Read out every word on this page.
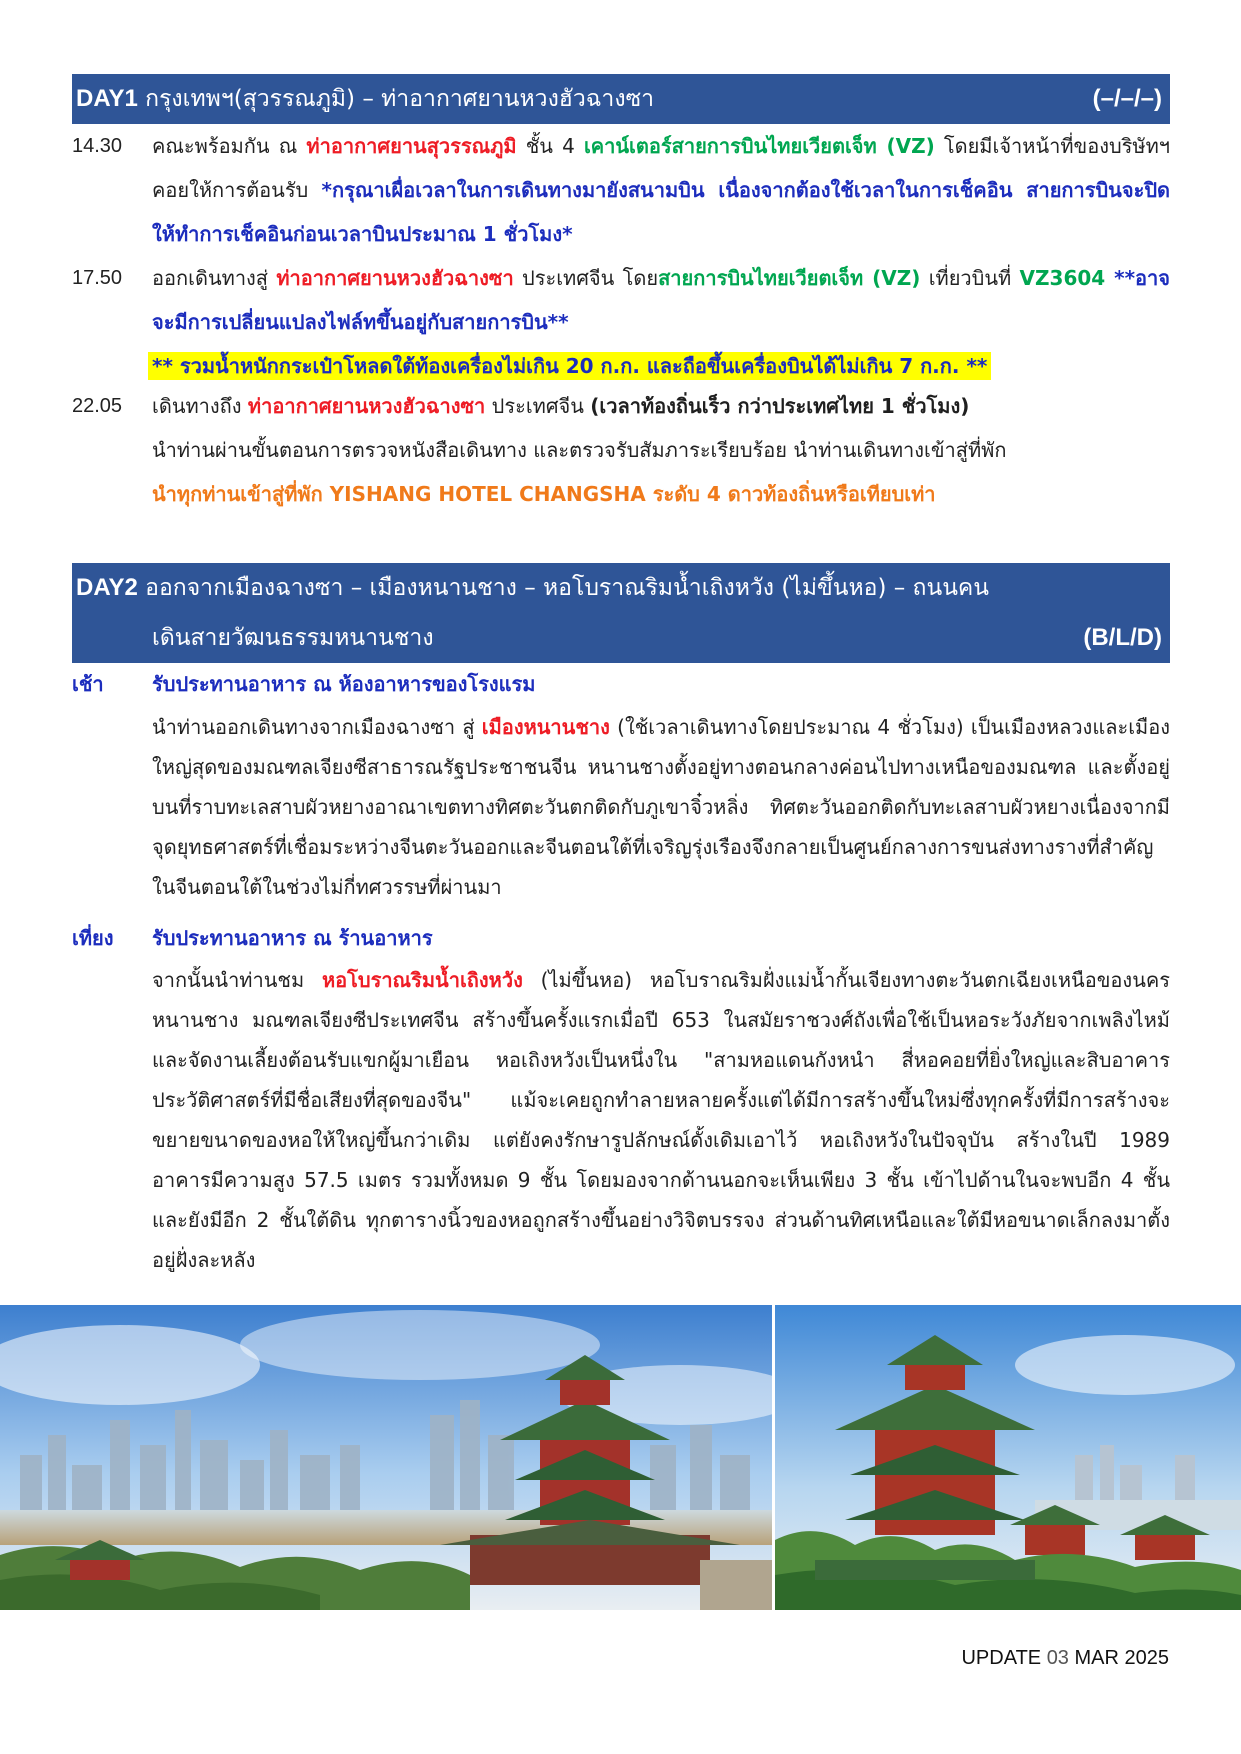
DAY1 กรุงเทพฯ(สุวรรณภูมิ) – ท่าอากาศยานหวงฮัวฉางซา	(–/–/–)
14.30 คณะพร้อมกัน ณ ท่าอากาศยานสุวรรณภูมิ ชั้น 4 เคาน์เตอร์สายการบินไทยเวียตเจ็ท (VZ) โดยมีเจ้าหน้าที่ของบริษัทฯคอยให้การต้อนรับ *กรุณาเผื่อเวลาในการเดินทางมายังสนามบิน เนื่องจากต้องใช้เวลาในการเช็คอิน สายการบินจะปิดให้ทำการเช็คอินก่อนเวลาบินประมาณ 1 ชั่วโมง*
17.50 ออกเดินทางสู่ ท่าอากาศยานหวงฮัวฉางซา ประเทศจีน โดยสายการบินไทยเวียตเจ็ท (VZ) เที่ยวบินที่ VZ3604 **อาจจะมีการเปลี่ยนแปลงไฟล์ทขึ้นอยู่กับสายการบิน**
** รวมน้ำหนักกระเป๋าโหลดใต้ท้องเครื่องไม่เกิน 20 ก.ก. และถือขึ้นเครื่องบินได้ไม่เกิน 7 ก.ก. **
22.05 เดินทางถึง ท่าอากาศยานหวงฮัวฉางซา ประเทศจีน (เวลาท้องถิ่นเร็ว กว่าประเทศไทย 1 ชั่วโมง)
นำท่านผ่านขั้นตอนการตรวจหนังสือเดินทาง และตรวจรับสัมภาระเรียบร้อย นำท่านเดินทางเข้าสู่ที่พัก
นำทุกท่านเข้าสู่ที่พัก YISHANG HOTEL CHANGSHA ระดับ 4 ดาวท้องถิ่นหรือเทียบเท่า
DAY2 ออกจากเมืองฉางซา – เมืองหนานชาง – หอโบราณริมน้ำเถิงหวัง (ไม่ขึ้นหอ) – ถนนคน
เดินสายวัฒนธรรมหนานชาง	(B/L/D)
เช้า รับประทานอาหาร ณ ห้องอาหารของโรงแรม
นำท่านออกเดินทางจากเมืองฉางซา สู่ เมืองหนานชาง (ใช้เวลาเดินทางโดยประมาณ 4 ชั่วโมง) เป็นเมืองหลวงและเมืองใหญ่สุดของมณฑลเจียงซีสาธารณรัฐประชาชนจีน หนานชางตั้งอยู่ทางตอนกลางค่อนไปทางเหนือของมณฑล และตั้งอยู่บนที่ราบทะเลสาบผัวหยางอาณาเขตทางทิศตะวันตกติดกับภูเขาจิ๋วหลิ่ง ทิศตะวันออกติดกับทะเลสาบผัวหยางเนื่องจากมีจุดยุทธศาสตร์ที่เชื่อมระหว่างจีนตะวันออกและจีนตอนใต้ที่เจริญรุ่งเรืองจึงกลายเป็นศูนย์กลางการขนส่งทางรางที่สำคัญในจีนตอนใต้ในช่วงไม่กี่ทศวรรษที่ผ่านมา
เที่ยง รับประทานอาหาร ณ ร้านอาหาร
จากนั้นนำท่านชม หอโบราณริมน้ำเถิงหวัง (ไม่ขึ้นหอ) หอโบราณริมฝั่งแม่น้ำกั้นเจียงทางตะวันตกเฉียงเหนือของนครหนานชาง มณฑลเจียงซีประเทศจีน สร้างขึ้นครั้งแรกเมื่อปี 653 ในสมัยราชวงศ์ถังเพื่อใช้เป็นหอระวังภัยจากเพลิงไหม้และจัดงานเลี้ยงต้อนรับแขกผู้มาเยือน หอเถิงหวังเป็นหนึ่งใน "สามหอแดนกังหนำ สี่หอคอยที่ยิ่งใหญ่และสิบอาคารประวัติศาสตร์ที่มีชื่อเสียงที่สุดของจีน" แม้จะเคยถูกทำลายหลายครั้งแต่ได้มีการสร้างขึ้นใหม่ซึ่งทุกครั้งที่มีการสร้างจะขยายขนาดของหอให้ใหญ่ขึ้นกว่าเดิม แต่ยังคงรักษารูปลักษณ์ดั้งเดิมเอาไว้ หอเถิงหวังในปัจจุบัน สร้างในปี 1989 อาคารมีความสูง 57.5 เมตร รวมทั้งหมด 9 ชั้น โดยมองจากด้านนอกจะเห็นเพียง 3 ชั้น เข้าไปด้านในจะพบอีก 4 ชั้น และยังมีอีก 2 ชั้นใต้ดิน ทุกตารางนิ้วของหอถูกสร้างขึ้นอย่างวิจิตบรรจง ส่วนด้านทิศเหนือและใต้มีหอขนาดเล็กลงมาตั้งอยู่ฝั่งละหลัง
UPDATE 03 MAR 2025
